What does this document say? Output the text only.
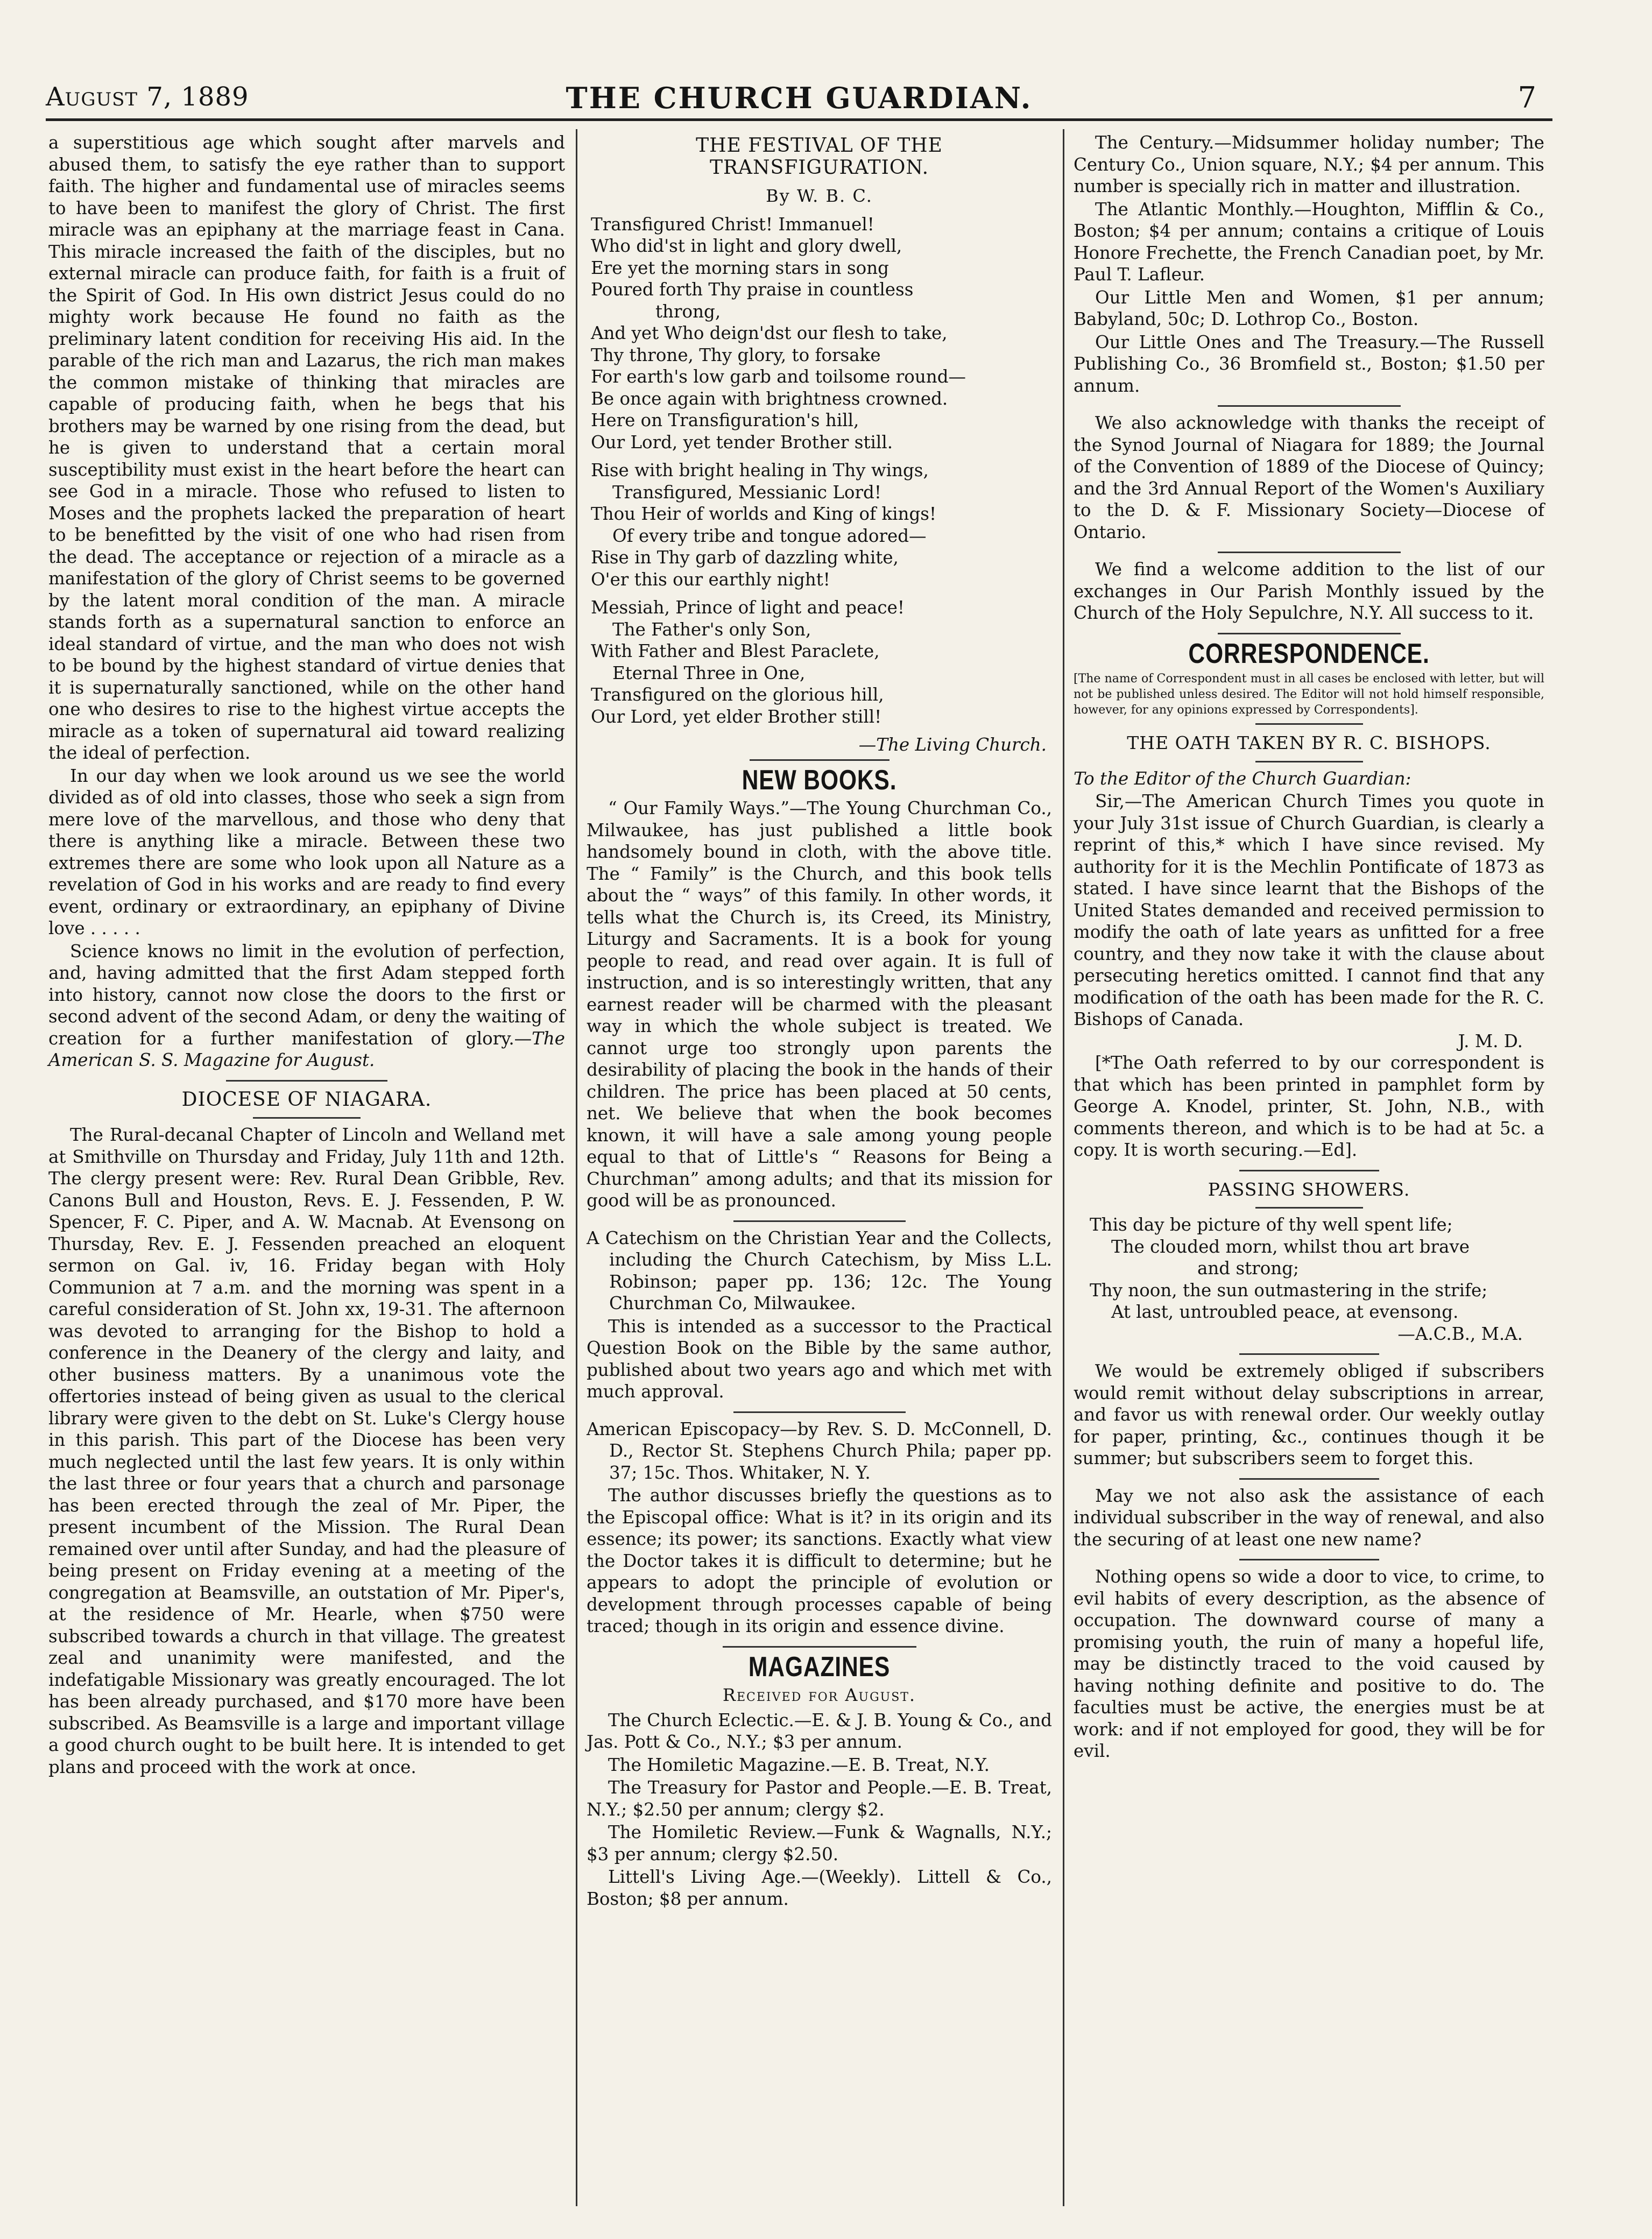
August 7, 1889	THE CHURCH GUARDIAN.	7

a superstitious age which sought after marvels and abused them, to satisfy the eye rather than to support faith. The higher and fundamental use of miracles seems to have been to manifest the glory of Christ. The first miracle was an epiphany at the marriage feast in Cana. This miracle increased the faith of the disciples, but no external miracle can produce faith, for faith is a fruit of the Spirit of God. In His own district Jesus could do no mighty work because He found no faith as the preliminary latent condition for receiving His aid. In the parable of the rich man and Lazarus, the rich man makes the common mistake of thinking that miracles are capable of producing faith, when he begs that his brothers may be warned by one rising from the dead, but he is given to understand that a certain moral susceptibility must exist in the heart before the heart can see God in a miracle. Those who refused to listen to Moses and the prophets lacked the preparation of heart to be benefitted by the visit of one who had risen from the dead. The acceptance or rejection of a miracle as a manifestation of the glory of Christ seems to be governed by the latent moral condition of the man. A miracle stands forth as a supernatural sanction to enforce an ideal standard of virtue, and the man who does not wish to be bound by the highest standard of virtue denies that it is supernaturally sanctioned, while on the other hand one who desires to rise to the highest virtue accepts the miracle as a token of supernatural aid toward realizing the ideal of perfection.

In our day when we look around us we see the world divided as of old into classes, those who seek a sign from mere love of the marvellous, and those who deny that there is anything like a miracle. Between these two extremes there are some who look upon all Nature as a revelation of God in his works and are ready to find every event, ordinary or extraordinary, an epiphany of Divine love . . . . .

Science knows no limit in the evolution of perfection, and, having admitted that the first Adam stepped forth into history, cannot now close the doors to the first or second advent of the second Adam, or deny the waiting of creation for a further manifestation of glory.—The American S. S. Magazine for August.

DIOCESE OF NIAGARA.

The Rural-decanal Chapter of Lincoln and Welland met at Smithville on Thursday and Friday, July 11th and 12th. The clergy present were: Rev. Rural Dean Gribble, Rev. Canons Bull and Houston, Revs. E. J. Fessenden, P. W. Spencer, F. C. Piper, and A. W. Macnab. At Evensong on Thursday, Rev. E. J. Fessenden preached an eloquent sermon on Gal. iv, 16. Friday began with Holy Communion at 7 a.m. and the morning was spent in a careful consideration of St. John xx, 19-31. The afternoon was devoted to arranging for the Bishop to hold a conference in the Deanery of the clergy and laity, and other business matters. By a unanimous vote the offertories instead of being given as usual to the clerical library were given to the debt on St. Luke's Clergy house in this parish. This part of the Diocese has been very much neglected until the last few years. It is only within the last three or four years that a church and parsonage has been erected through the zeal of Mr. Piper, the present incumbent of the Mission. The Rural Dean remained over until after Sunday, and had the pleasure of being present on Friday evening at a meeting of the congregation at Beamsville, an outstation of Mr. Piper's, at the residence of Mr. Hearle, when $750 were subscribed towards a church in that village. The greatest zeal and unanimity were manifested, and the indefatigable Missionary was greatly encouraged. The lot has been already purchased, and $170 more have been subscribed. As Beamsville is a large and important village a good church ought to be built here. It is intended to get plans and proceed with the work at once.

THE FESTIVAL OF THE TRANSFIGURATION.
By W. B. C.
Transfigured Christ! Immanuel!
Who did'st in light and glory dwell,
Ere yet the morning stars in song
Poured forth Thy praise in countless
throng,
And yet Who deign'dst our flesh to take,
Thy throne, Thy glory, to forsake
For earth's low garb and toilsome round—
Be once again with brightness crowned.
Here on Transfiguration's hill,
Our Lord, yet tender Brother still.
Rise with bright healing in Thy wings,
Transfigured, Messianic Lord!
Thou Heir of worlds and King of kings!
Of every tribe and tongue adored—
Rise in Thy garb of dazzling white,
O'er this our earthly night!
Messiah, Prince of light and peace!
The Father's only Son,
With Father and Blest Paraclete,
Eternal Three in One,
Transfigured on the glorious hill,
Our Lord, yet elder Brother still!
—The Living Church.
NEW BOOKS.

“ Our Family Ways.”—The Young Churchman Co., Milwaukee, has just published a little book handsomely bound in cloth, with the above title. The “ Family” is the Church, and this book tells about the “ ways” of this family. In other words, it tells what the Church is, its Creed, its Ministry, Liturgy and Sacraments. It is a book for young people to read, and read over again. It is full of instruction, and is so interestingly written, that any earnest reader will be charmed with the pleasant way in which the whole subject is treated. We cannot urge too strongly upon parents the desirability of placing the book in the hands of their children. The price has been placed at 50 cents, net. We believe that when the book becomes known, it will have a sale among young people equal to that of Little's “ Reasons for Being a Churchman” among adults; and that its mission for good will be as pronounced.

A Catechism on the Christian Year and the Collects, including the Church Catechism, by Miss L.L. Robinson; paper pp. 136; 12c. The Young Churchman Co, Milwaukee.

This is intended as a successor to the Practical Question Book on the Bible by the same author, published about two years ago and which met with much approval.

American Episcopacy—by Rev. S. D. McConnell, D. D., Rector St. Stephens Church Phila; paper pp. 37; 15c. Thos. Whitaker, N. Y.

The author discusses briefly the questions as to the Episcopal office: What is it? in its origin and its essence; its power; its sanctions. Exactly what view the Doctor takes it is difficult to determine; but he appears to adopt the principle of evolution or development through processes capable of being traced; though in its origin and essence divine.

MAGAZINES
Received for August.

The Church Eclectic.—E. & J. B. Young & Co., and Jas. Pott & Co., N.Y.; $3 per annum.

The Homiletic Magazine.—E. B. Treat, N.Y.

The Treasury for Pastor and People.—E. B. Treat, N.Y.; $2.50 per annum; clergy $2.

The Homiletic Review.—Funk & Wagnalls, N.Y.; $3 per annum; clergy $2.50.

Littell's Living Age.—(Weekly). Littell & Co., Boston; $8 per annum.

The Century.—Midsummer holiday number; The Century Co., Union square, N.Y.; $4 per annum. This number is specially rich in matter and illustration.

The Atlantic Monthly.—Houghton, Mifflin & Co., Boston; $4 per annum; contains a critique of Louis Honore Frechette, the French Canadian poet, by Mr. Paul T. Lafleur.

Our Little Men and Women, $1 per annum; Babyland, 50c; D. Lothrop Co., Boston.

Our Little Ones and The Treasury.—The Russell Publishing Co., 36 Bromfield st., Boston; $1.50 per annum.

We also acknowledge with thanks the receipt of the Synod Journal of Niagara for 1889; the Journal of the Convention of 1889 of the Diocese of Quincy; and the 3rd Annual Report of the Women's Auxiliary to the D. & F. Missionary Society—Diocese of Ontario.

We find a welcome addition to the list of our exchanges in Our Parish Monthly issued by the Church of the Holy Sepulchre, N.Y. All success to it.

CORRESPONDENCE.
[The name of Correspondent must in all cases be enclosed with letter, but will not be published unless desired. The Editor will not hold himself responsible, however, for any opinions expressed by Correspondents].
THE OATH TAKEN BY R. C. BISHOPS.

To the Editor of the Church Guardian:

Sir,—The American Church Times you quote in your July 31st issue of Church Guardian, is clearly a reprint of this,* which I have since revised. My authority for it is the Mechlin Pontificate of 1873 as stated. I have since learnt that the Bishops of the United States demanded and received permission to modify the oath of late years as unfitted for a free country, and they now take it with the clause about persecuting heretics omitted. I cannot find that any modification of the oath has been made for the R. C. Bishops of Canada.

J. M. D.

[*The Oath referred to by our correspondent is that which has been printed in pamphlet form by George A. Knodel, printer, St. John, N.B., with comments thereon, and which is to be had at 5c. a copy. It is worth securing.—Ed].

PASSING SHOWERS.
This day be picture of thy well spent life;
The clouded morn, whilst thou art brave
and strong;
Thy noon, the sun outmastering in the strife;
At last, untroubled peace, at evensong.
—A.C.B., M.A.

We would be extremely obliged if subscribers would remit without delay subscriptions in arrear, and favor us with renewal order. Our weekly outlay for paper, printing, &c., continues though it be summer; but subscribers seem to forget this.

May we not also ask the assistance of each individual subscriber in the way of renewal, and also the securing of at least one new name?

Nothing opens so wide a door to vice, to crime, to evil habits of every description, as the absence of occupation. The downward course of many a promising youth, the ruin of many a hopeful life, may be distinctly traced to the void caused by having nothing definite and positive to do. The faculties must be active, the energies must be at work: and if not employed for good, they will be for evil.
